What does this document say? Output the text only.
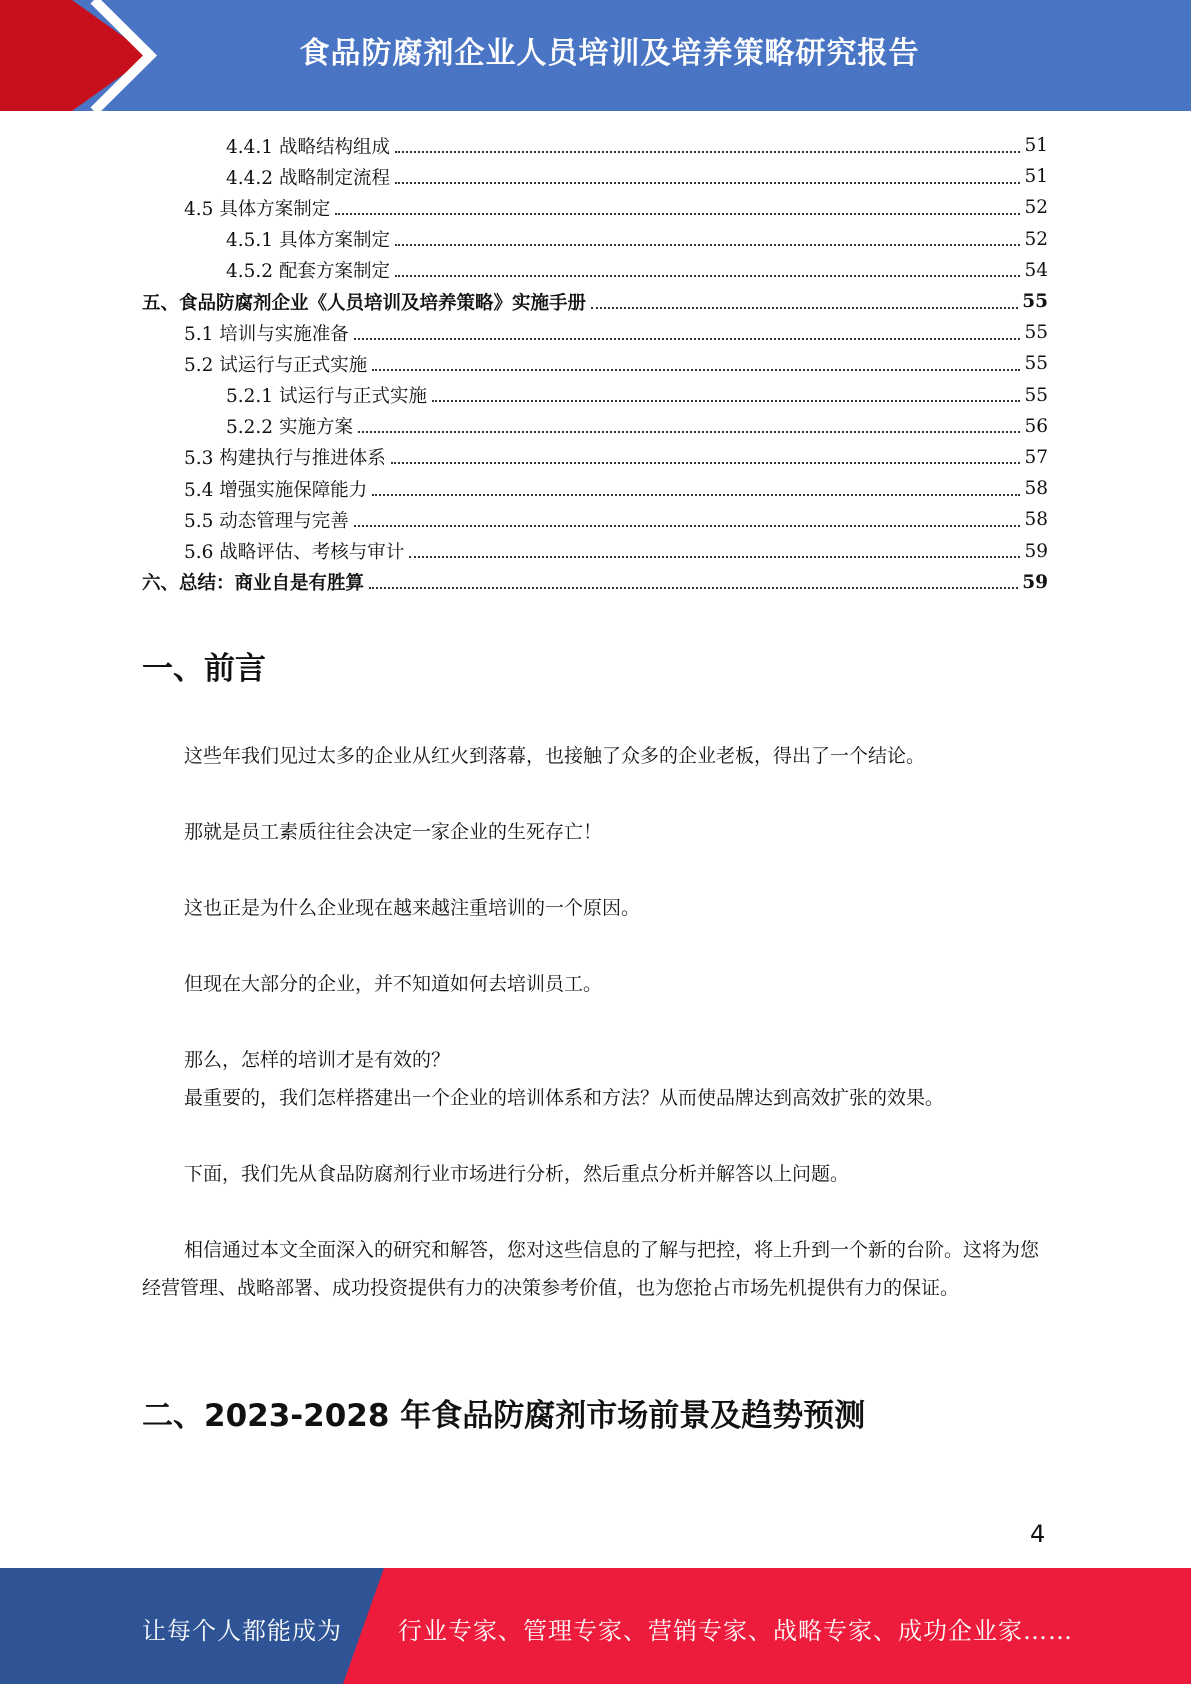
食品防腐剂企业人员培训及培养策略研究报告
4.4.1 战略结构组成	51
4.4.2 战略制定流程	51
4.5 具体方案制定	52
4.5.1 具体方案制定	52
4.5.2 配套方案制定	54
五、食品防腐剂企业《人员培训及培养策略》实施手册	55
5.1 培训与实施准备	55
5.2 试运行与正式实施	55
5.2.1 试运行与正式实施	55
5.2.2 实施方案	56
5.3 构建执行与推进体系	57
5.4 增强实施保障能力	58
5.5 动态管理与完善	58
5.6 战略评估、考核与审计	59
六、总结：商业自是有胜算	59
一、前言
这些年我们见过太多的企业从红火到落幕，也接触了众多的企业老板，得出了一个结论。
那就是员工素质往往会决定一家企业的生死存亡！
这也正是为什么企业现在越来越注重培训的一个原因。
但现在大部分的企业，并不知道如何去培训员工。
那么，怎样的培训才是有效的？
最重要的，我们怎样搭建出一个企业的培训体系和方法？从而使品牌达到高效扩张的效果。
下面，我们先从食品防腐剂行业市场进行分析，然后重点分析并解答以上问题。
相信通过本文全面深入的研究和解答，您对这些信息的了解与把控，将上升到一个新的台阶。这将为您经营管理、战略部署、成功投资提供有力的决策参考价值，也为您抢占市场先机提供有力的保证。
二、2023-2028 年食品防腐剂市场前景及趋势预测
4
让每个人都能成为 行业专家、管理专家、营销专家、战略专家、成功企业家……
